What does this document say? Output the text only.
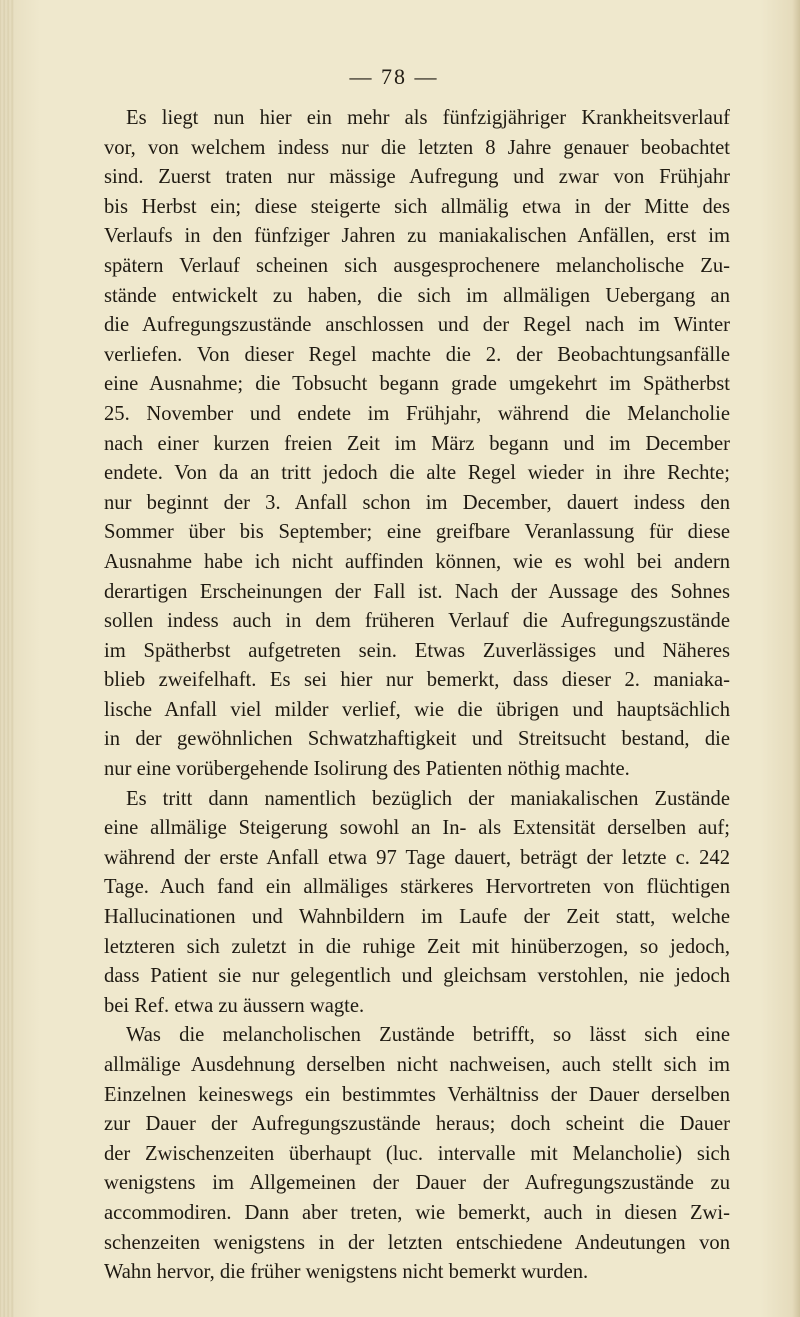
— 78 —
Es liegt nun hier ein mehr als fünfzigjähriger Krankheitsverlauf
vor, von welchem indess nur die letzten 8 Jahre genauer beobachtet
sind. Zuerst traten nur mässige Aufregung und zwar von Frühjahr
bis Herbst ein; diese steigerte sich allmälig etwa in der Mitte des
Verlaufs in den fünfziger Jahren zu maniakalischen Anfällen, erst im
spätern Verlauf scheinen sich ausgesprochenere melancholische Zu-
stände entwickelt zu haben, die sich im allmäligen Uebergang an
die Aufregungszustände anschlossen und der Regel nach im Winter
verliefen. Von dieser Regel machte die 2. der Beobachtungsanfälle
eine Ausnahme; die Tobsucht begann grade umgekehrt im Spätherbst
25. November und endete im Frühjahr, während die Melancholie
nach einer kurzen freien Zeit im März begann und im December
endete. Von da an tritt jedoch die alte Regel wieder in ihre Rechte;
nur beginnt der 3. Anfall schon im December, dauert indess den
Sommer über bis September; eine greifbare Veranlassung für diese
Ausnahme habe ich nicht auffinden können, wie es wohl bei andern
derartigen Erscheinungen der Fall ist. Nach der Aussage des Sohnes
sollen indess auch in dem früheren Verlauf die Aufregungszustände
im Spätherbst aufgetreten sein. Etwas Zuverlässiges und Näheres
blieb zweifelhaft. Es sei hier nur bemerkt, dass dieser 2. maniaka-
lische Anfall viel milder verlief, wie die übrigen und hauptsächlich
in der gewöhnlichen Schwatzhaftigkeit und Streitsucht bestand, die
nur eine vorübergehende Isolirung des Patienten nöthig machte.
Es tritt dann namentlich bezüglich der maniakalischen Zustände
eine allmälige Steigerung sowohl an In- als Extensität derselben auf;
während der erste Anfall etwa 97 Tage dauert, beträgt der letzte c. 242
Tage. Auch fand ein allmäliges stärkeres Hervortreten von flüchtigen
Hallucinationen und Wahnbildern im Laufe der Zeit statt, welche
letzteren sich zuletzt in die ruhige Zeit mit hinüberzogen, so jedoch,
dass Patient sie nur gelegentlich und gleichsam verstohlen, nie jedoch
bei Ref. etwa zu äussern wagte.
Was die melancholischen Zustände betrifft, so lässt sich eine
allmälige Ausdehnung derselben nicht nachweisen, auch stellt sich im
Einzelnen keineswegs ein bestimmtes Verhältniss der Dauer derselben
zur Dauer der Aufregungszustände heraus; doch scheint die Dauer
der Zwischenzeiten überhaupt (luc. intervalle mit Melancholie) sich
wenigstens im Allgemeinen der Dauer der Aufregungszustände zu
accommodiren. Dann aber treten, wie bemerkt, auch in diesen Zwi-
schenzeiten wenigstens in der letzten entschiedene Andeutungen von
Wahn hervor, die früher wenigstens nicht bemerkt wurden.
